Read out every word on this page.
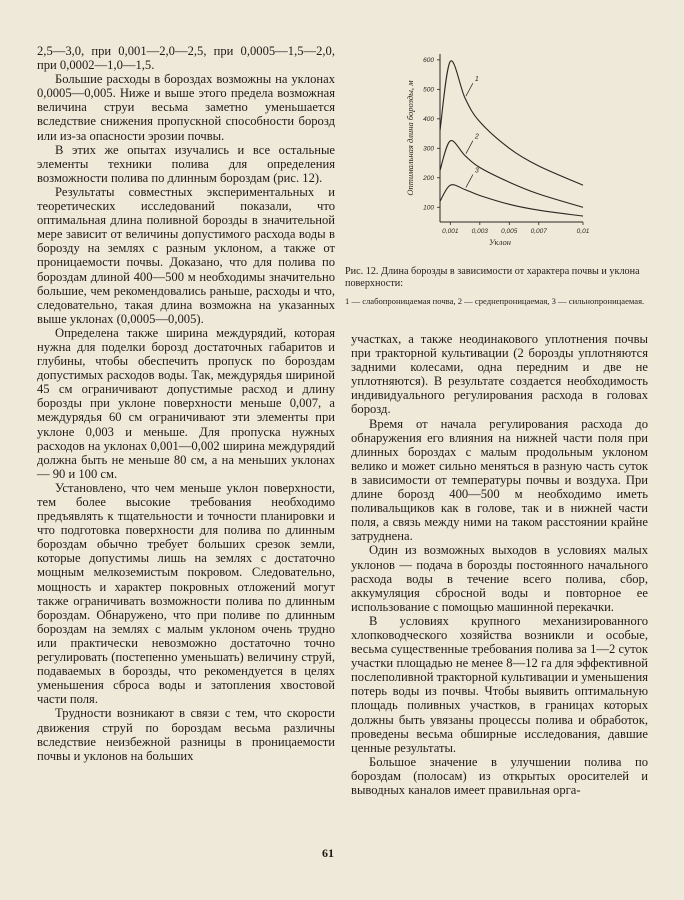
2,5—3,0, при 0,001—2,0—2,5, при 0,0005—1,5—2,0, при 0,0002—1,0—1,5.

Большие расходы в бороздах возможны на уклонах 0,0005—0,005. Ниже и выше этого предела возможная величина струи весьма заметно уменьшается вследствие снижения пропускной способности борозд или из-за опасности эрозии почвы.

В этих же опытах изучались и все остальные элементы техники полива для определения возможности полива по длинным бороздам (рис. 12).

Результаты совместных экспериментальных и теоретических исследований показали, что оптимальная длина поливной борозды в значительной мере зависит от величины допустимого расхода воды в борозду на землях с разным уклоном, а также от проницаемости почвы. Доказано, что для полива по бороздам длиной 400—500 м необходимы значительно большие, чем рекомендовались раньше, расходы и что, следовательно, такая длина возможна на указанных выше уклонах (0,0005—0,005).

Определена также ширина междурядий, которая нужна для поделки борозд достаточных габаритов и глубины, чтобы обеспечить пропуск по бороздам допустимых расходов воды. Так, междурядья шириной 45 см ограничивают допустимые расход и длину борозды при уклоне поверхности меньше 0,007, а междурядья 60 см ограничивают эти элементы при уклоне 0,003 и меньше. Для пропуска нужных расходов на уклонах 0,001—0,002 ширина междурядий должна быть не меньше 80 см, а на меньших уклонах — 90 и 100 см.

Установлено, что чем меньше уклон поверхности, тем более высокие требования необходимо предъявлять к тщательности и точности планировки и что подготовка поверхности для полива по длинным бороздам обычно требует больших срезок земли, которые допустимы лишь на землях с достаточно мощным мелкоземистым покровом. Следовательно, мощность и характер покровных отложений могут также ограничивать возможности полива по длинным бороздам. Обнаружено, что при поливе по длинным бороздам на землях с малым уклоном очень трудно или практически невозможно достаточно точно регулировать (постепенно уменьшать) величину струй, подаваемых в борозды, что рекомендуется в целях уменьшения сброса воды и затопления хвостовой части поля.

Трудности возникают в связи с тем, что скорости движения струй по бороздам весьма различны вследствие неизбежной разницы в проницаемости почвы и уклонов на больших

100
200
300
400
500
600
0,001 0,003 0,005 0,007	0,01
Уклон
Оптимальная длина борозды, м
1
2
3

Рис. 12. Длина борозды в зависимости от характера почвы и уклона поверхности:

1 — слабопроницаемая почва, 2 — среднепроницаемая, 3 — сильнопроницаемая.

участках, а также неодинакового уплотнения почвы при тракторной культивации (2 борозды уплотняются задними колесами, одна передним и две не уплотняются). В результате создается необходимость индивидуального регулирования расхода в головах борозд.

Время от начала регулирования расхода до обнаружения его влияния на нижней части поля при длинных бороздах с малым продольным уклоном велико и может сильно меняться в разную часть суток в зависимости от температуры почвы и воздуха. При длине борозд 400—500 м необходимо иметь поливальщиков как в голове, так и в нижней части поля, а связь между ними на таком расстоянии крайне затруднена.

Один из возможных выходов в условиях малых уклонов — подача в борозды постоянного начального расхода воды в течение всего полива, сбор, аккумуляция сбросной воды и повторное ее использование с помощью машинной перекачки.

В условиях крупного механизированного хлопководческого хозяйства возникли и особые, весьма существенные требования полива за 1—2 суток участки площадью не менее 8—12 га для эффективной послеполивной тракторной культивации и уменьшения потерь воды из почвы. Чтобы выявить оптимальную площадь поливных участков, в границах которых должны быть увязаны процессы полива и обработок, проведены весьма обширные исследования, давшие ценные результаты.

Большое значение в улучшении полива по бороздам (полосам) из открытых оросителей и выводных каналов имеет правильная орга-

61
